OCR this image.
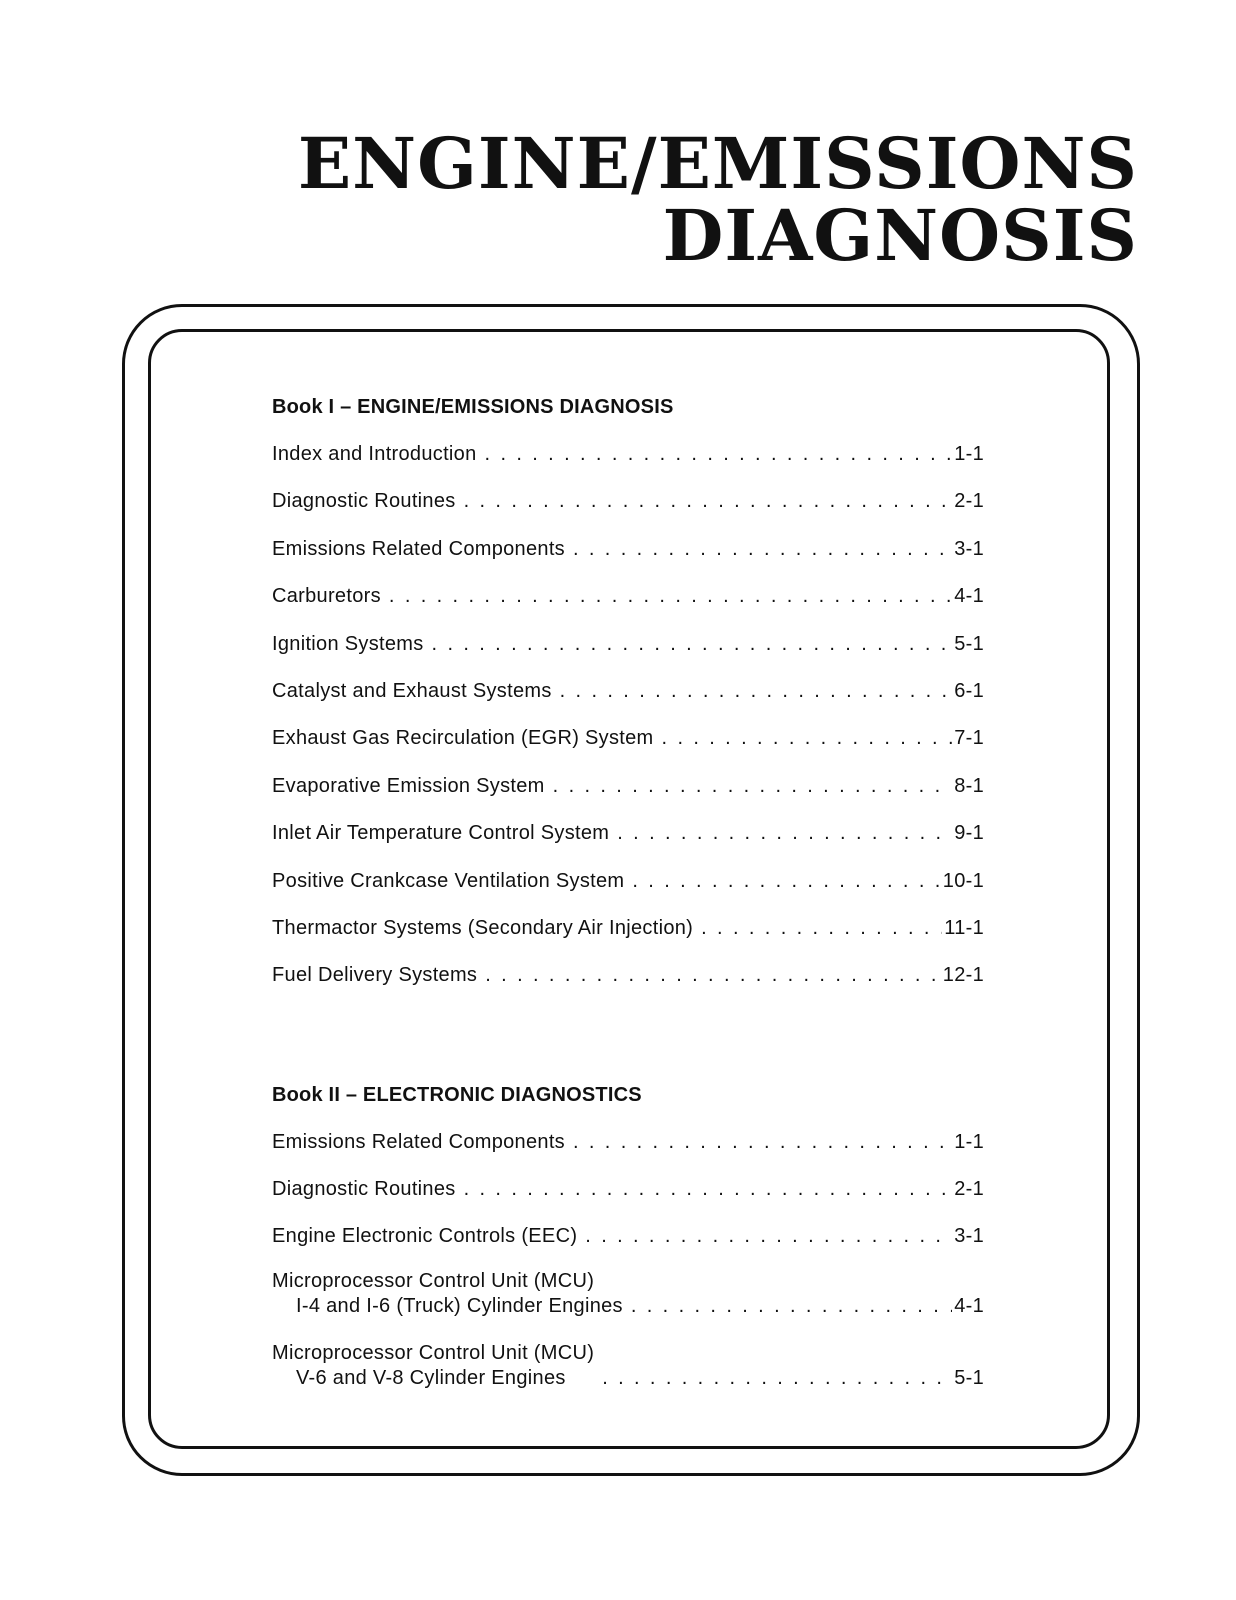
ENGINE/EMISSIONS
DIAGNOSIS
Book I – ENGINE/EMISSIONS DIAGNOSIS
Index and Introduction . . .	1-1
Diagnostic Routines . . .	2-1
Emissions Related Components . . .	3-1
Carburetors . . .	4-1
Ignition Systems . . .	5-1
Catalyst and Exhaust Systems . . .	6-1
Exhaust Gas Recirculation (EGR) System . . .	7-1
Evaporative Emission System . . .	8-1
Inlet Air Temperature Control System . . .	9-1
Positive Crankcase Ventilation System . . .	10-1
Thermactor Systems (Secondary Air Injection) . . .	11-1
Fuel Delivery Systems . . .	12-1
Book II – ELECTRONIC DIAGNOSTICS
Emissions Related Components . . .	1-1
Diagnostic Routines . . .	2-1
Engine Electronic Controls (EEC) . . .	3-1
Microprocessor Control Unit (MCU)
I-4 and I-6 (Truck) Cylinder Engines . . .	4-1
Microprocessor Control Unit (MCU)
V-6 and V-8 Cylinder Engines . . .	5-1
